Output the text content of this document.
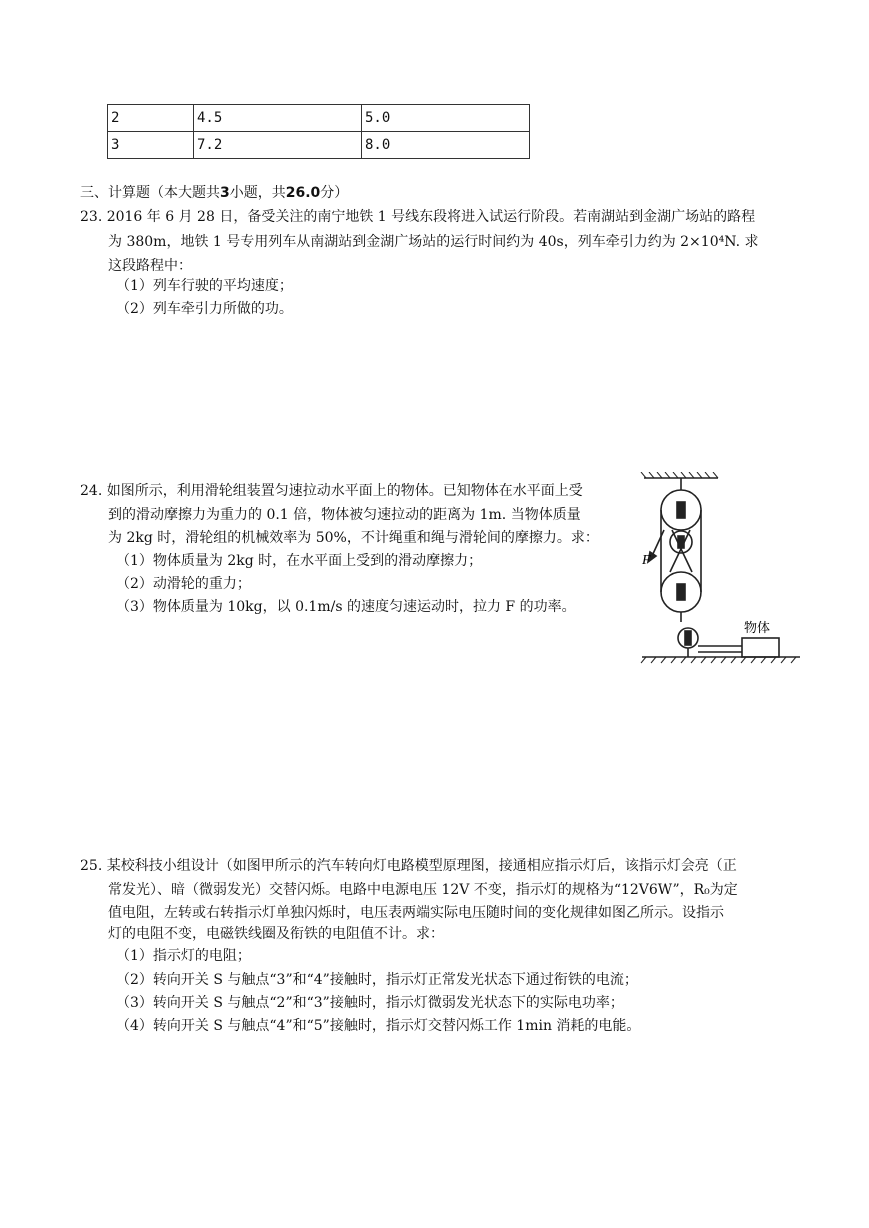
2	4.5	5.0
3	7.2	8.0
三、计算题（本大题共3小题，共26.0分）
23. 2016 年 6 月 28 日，备受关注的南宁地铁 1 号线东段将进入试运行阶段。若南湖站到金湖广场站的路程
为 380m，地铁 1 号专用列车从南湖站到金湖广场站的运行时间约为 40s，列车牵引力约为 2×10⁴N. 求
这段路程中：
（1）列车行驶的平均速度；
（2）列车牵引力所做的功。
24. 如图所示，利用滑轮组装置匀速拉动水平面上的物体。已知物体在水平面上受
到的滑动摩擦力为重力的 0.1 倍，物体被匀速拉动的距离为 1m. 当物体质量
为 2kg 时，滑轮组的机械效率为 50%，不计绳重和绳与滑轮间的摩擦力。求：
（1）物体质量为 2kg 时，在水平面上受到的滑动摩擦力；
（2）动滑轮的重力；
（3）物体质量为 10kg，以 0.1m/s 的速度匀速运动时，拉力 F 的功率。
F
物体
25. 某校科技小组设计（如图甲所示的汽车转向灯电路模型原理图，接通相应指示灯后，该指示灯会亮（正
常发光）、暗（微弱发光）交替闪烁。电路中电源电压 12V 不变，指示灯的规格为“12V6W”，R₀为定
值电阻，左转或右转指示灯单独闪烁时，电压表两端实际电压随时间的变化规律如图乙所示。设指示
灯的电阻不变，电磁铁线圈及衔铁的电阻值不计。求：
（1）指示灯的电阻；
（2）转向开关 S 与触点“3”和“4”接触时，指示灯正常发光状态下通过衔铁的电流；
（3）转向开关 S 与触点“2”和“3”接触时，指示灯微弱发光状态下的实际电功率；
（4）转向开关 S 与触点“4”和“5”接触时，指示灯交替闪烁工作 1min 消耗的电能。
